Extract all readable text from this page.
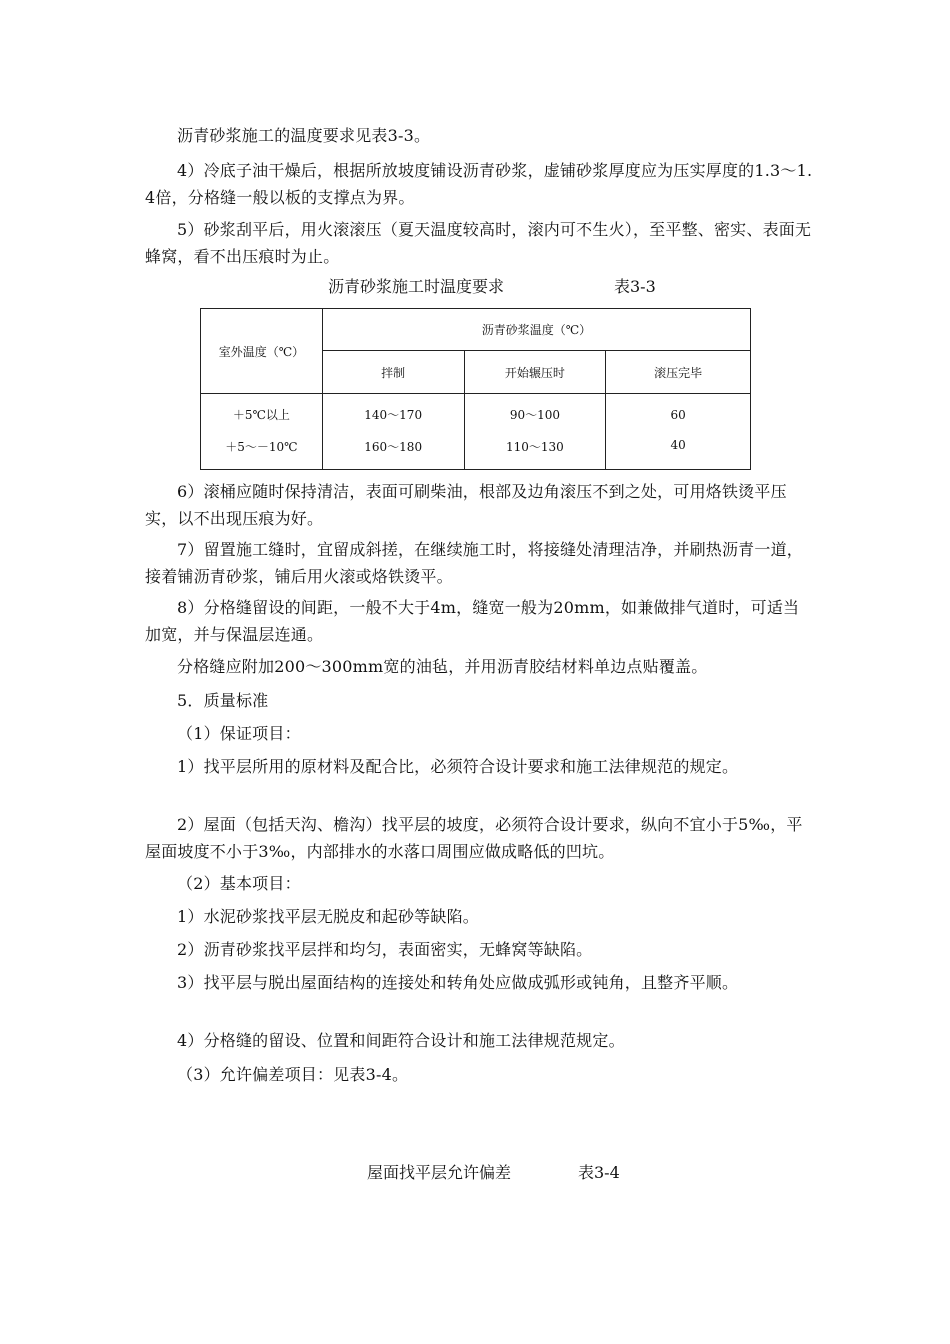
沥青砂浆施工的温度要求见表3-3。

4）冷底子油干燥后，根据所放坡度铺设沥青砂浆，虚铺砂浆厚度应为压实厚度的1.3～1.4倍，分格缝一般以板的支撑点为界。

5）砂浆刮平后，用火滚滚压（夏天温度较高时，滚内可不生火），至平整、密实、表面无蜂窝，看不出压痕时为止。

沥青砂浆施工时温度要求	表3-3

室外温度（℃）	沥青砂浆温度（℃）		
	拌制	开始辗压时	滚压完毕
＋5℃以上	140～170	90～100	60
＋5～－10℃	160～180	110～130	40

6）滚桶应随时保持清洁，表面可刷柴油，根部及边角滚压不到之处，可用烙铁烫平压实，以不出现压痕为好。

7）留置施工缝时，宜留成斜搓，在继续施工时，将接缝处清理洁净，并刷热沥青一道，接着铺沥青砂浆，铺后用火滚或烙铁烫平。

8）分格缝留设的间距，一般不大于4m，缝宽一般为20mm，如兼做排气道时，可适当加宽，并与保温层连通。

分格缝应附加200～300mm宽的油毡，并用沥青胶结材料单边点贴覆盖。

5．质量标准

（1）保证项目：

1）找平层所用的原材料及配合比，必须符合设计要求和施工法律规范的规定。

2）屋面（包括天沟、檐沟）找平层的坡度，必须符合设计要求，纵向不宜小于5‰，平屋面坡度不小于3‰，内部排水的水落口周围应做成略低的凹坑。

（2）基本项目：

1）水泥砂浆找平层无脱皮和起砂等缺陷。

2）沥青砂浆找平层拌和均匀，表面密实，无蜂窝等缺陷。

3）找平层与脱出屋面结构的连接处和转角处应做成弧形或钝角，且整齐平顺。

4）分格缝的留设、位置和间距符合设计和施工法律规范规定。

（3）允许偏差项目：见表3-4。

屋面找平层允许偏差	表3-4
